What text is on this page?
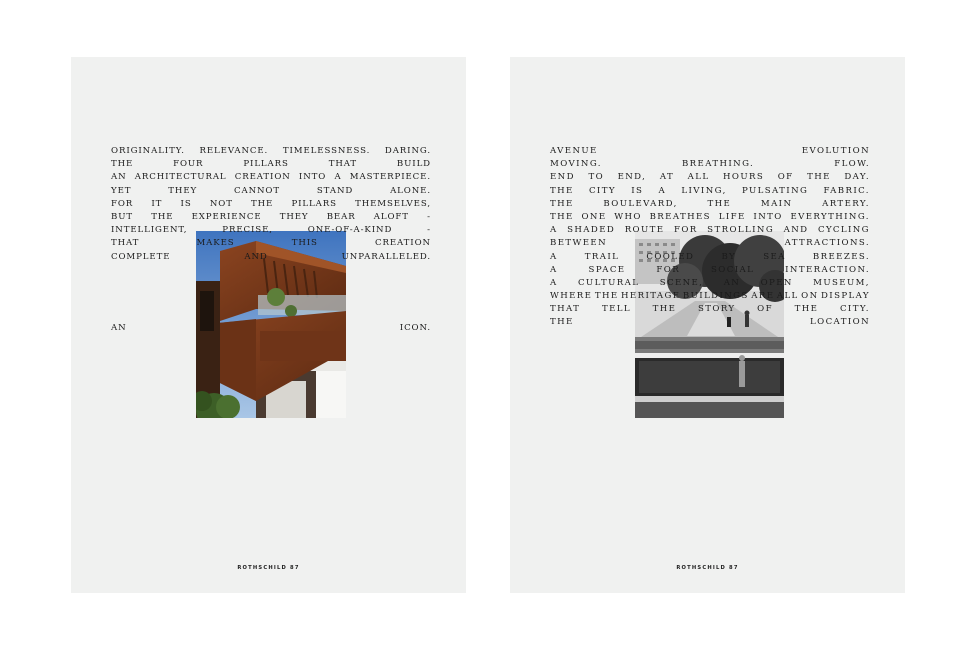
ORIGINALITY. RELEVANCE. TIMELESSNESS. DARING.
THE	FOUR	PILLARS	THAT	BUILD
AN ARCHITECTURAL CREATION INTO A MASTERPIECE.
YET	THEY	CANNOT	STAND	ALONE.
FOR IT IS NOT THE PILLARS THEMSELVES,
BUT THE EXPERIENCE THEY BEAR ALOFT -
INTELLIGENT,	PRECISE,	ONE-OF-A-KIND	-
THAT	MAKES	THIS	CREATION
COMPLETE	AND	UNPARALLELED.
AN	ICON.
ROTHSCHILD 87
AVENUE	EVOLUTION
MOVING.	BREATHING.	FLOW.
END TO END, AT ALL HOURS OF THE DAY.
THE CITY IS A LIVING, PULSATING FABRIC.
THE	BOULEVARD,	THE	MAIN	ARTERY.
THE ONE WHO BREATHES LIFE INTO EVERYTHING.
A SHADED ROUTE FOR STROLLING AND CYCLING
BETWEEN	ATTRACTIONS.
A	TRAIL	COOLED	BY	SEA	BREEZES.
A	SPACE	FOR	SOCIAL	INTERACTION.
A CULTURAL SCENE, AN OPEN MUSEUM,
WHERE THE HERITAGE BUILDINGS ARE ALL ON DISPLAY
THAT	TELL	THE	STORY	OF	THE	CITY.
THE	LOCATION
ROTHSCHILD 87
